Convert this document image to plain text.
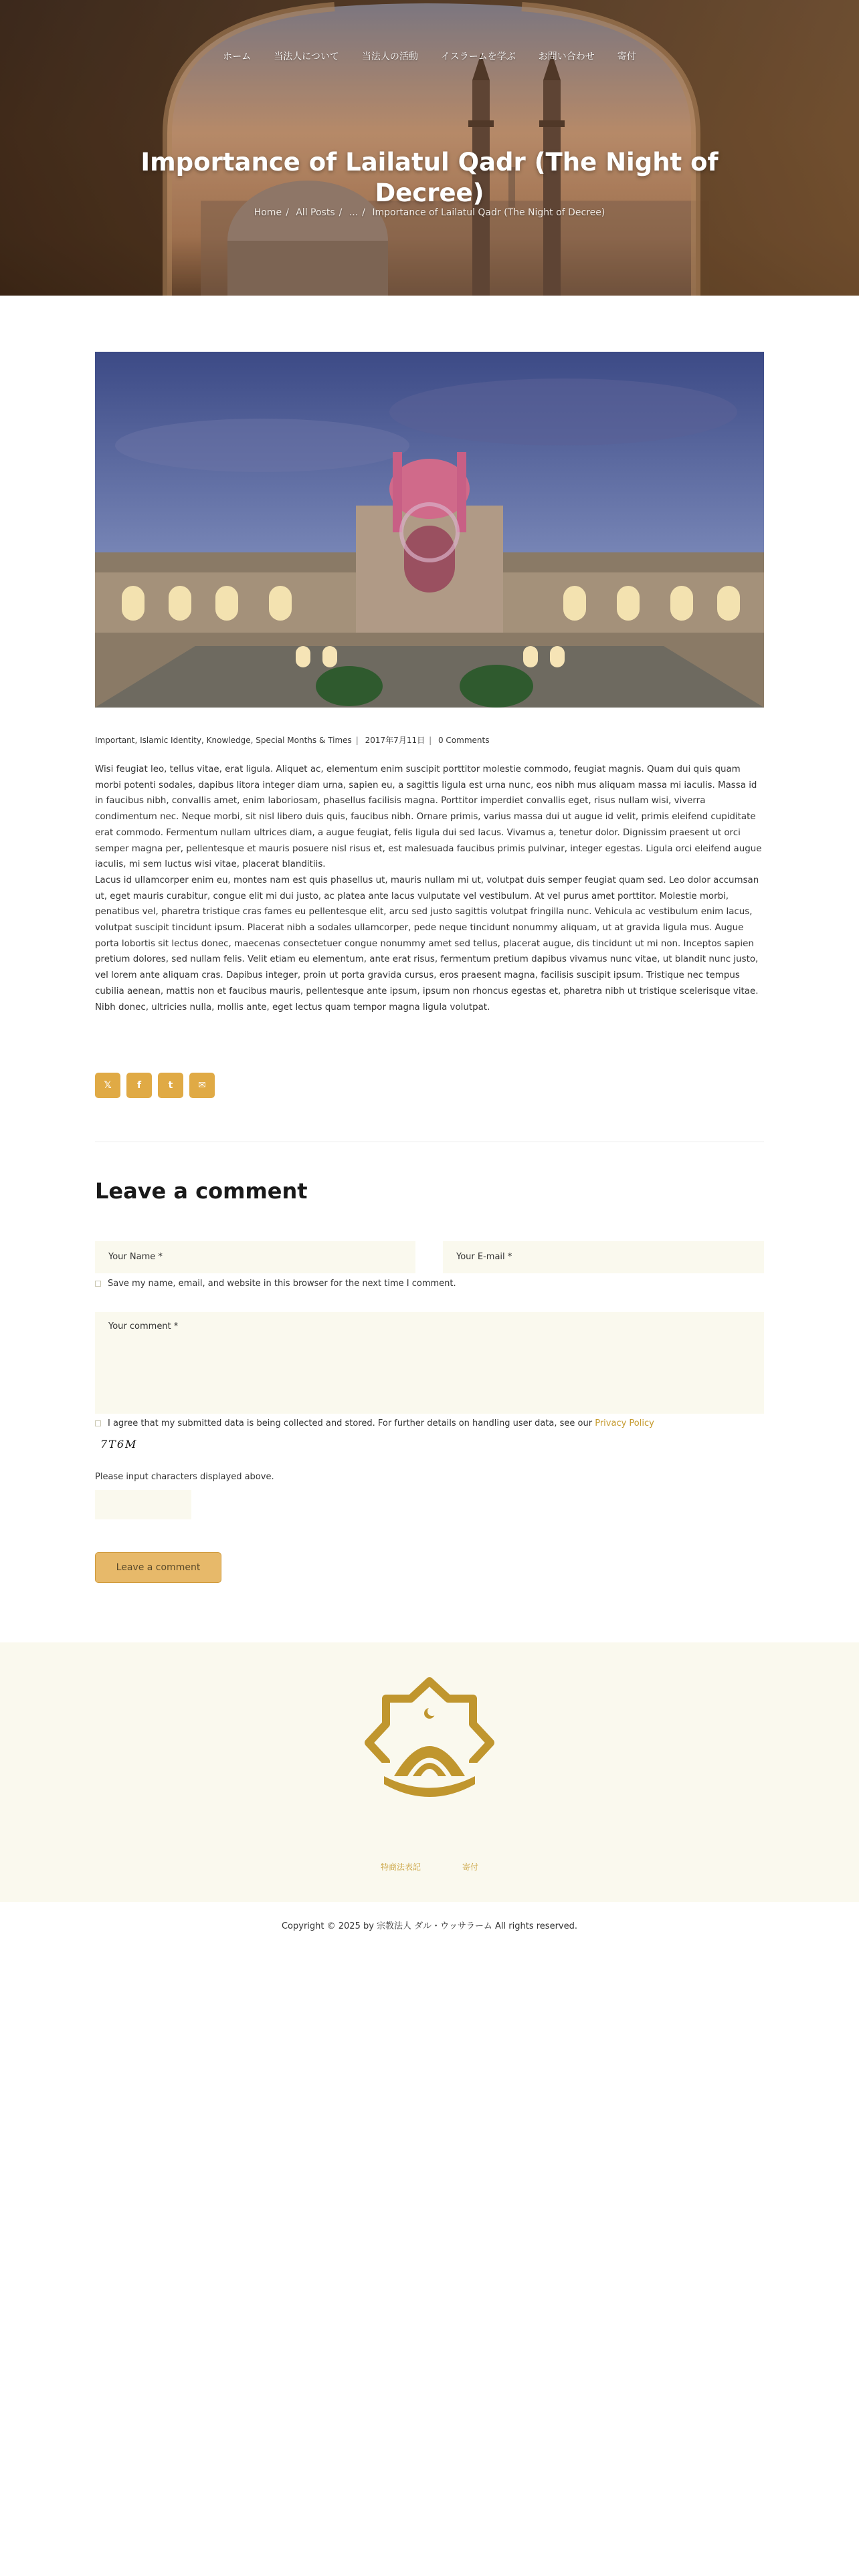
ホーム	当法人について	当法人の活動	イスラームを学ぶ	お問い合わせ	寄付
Importance of Lailatul Qadr (The Night of
Decree)
Home / All Posts / ... / Importance of Lailatul Qadr (The Night of Decree)
Important, Islamic Identity, Knowledge, Special Months & Times | 2017年7月11日 | 0 Comments

Wisi feugiat leo, tellus vitae, erat ligula. Aliquet ac, elementum enim suscipit porttitor molestie commodo, feugiat magnis. Quam dui quis quam morbi potenti sodales, dapibus litora integer diam urna, sapien eu, a sagittis ligula est urna nunc, eos nibh mus aliquam massa mi iaculis. Massa id in faucibus nibh, convallis amet, enim laboriosam, phasellus facilisis magna. Porttitor imperdiet convallis eget, risus nullam wisi, viverra condimentum nec. Neque morbi, sit nisl libero duis quis, faucibus nibh. Ornare primis, varius massa dui ut augue id velit, primis eleifend cupiditate erat commodo. Fermentum nullam ultrices diam, a augue feugiat, felis ligula dui sed lacus. Vivamus a, tenetur dolor. Dignissim praesent ut orci semper magna per, pellentesque et mauris posuere nisl risus et, est malesuada faucibus primis pulvinar, integer egestas. Ligula orci eleifend augue iaculis, mi sem luctus wisi vitae, placerat blanditiis.

Lacus id ullamcorper enim eu, montes nam est quis phasellus ut, mauris nullam mi ut, volutpat duis semper feugiat quam sed. Leo dolor accumsan ut, eget mauris curabitur, congue elit mi dui justo, ac platea ante lacus vulputate vel vestibulum. At vel purus amet porttitor. Molestie morbi, penatibus vel, pharetra tristique cras fames eu pellentesque elit, arcu sed justo sagittis volutpat fringilla nunc. Vehicula ac vestibulum enim lacus, volutpat suscipit tincidunt ipsum. Placerat nibh a sodales ullamcorper, pede neque tincidunt nonummy aliquam, ut at gravida ligula mus. Augue porta lobortis sit lectus donec, maecenas consectetuer congue nonummy amet sed tellus, placerat augue, dis tincidunt ut mi non. Inceptos sapien pretium dolores, sed nullam felis. Velit etiam eu elementum, ante erat risus, fermentum pretium dapibus vivamus nunc vitae, ut blandit nunc justo, vel lorem ante aliquam cras. Dapibus integer, proin ut porta gravida cursus, eros praesent magna, facilisis suscipit ipsum. Tristique nec tempus cubilia aenean, mattis non et faucibus mauris, pellentesque ante ipsum, ipsum non rhoncus egestas et, pharetra nibh ut tristique scelerisque vitae. Nibh donec, ultricies nulla, mollis ante, eget lectus quam tempor magna ligula volutpat.

𝕏	f	t	✉
Leave a comment
Your Name *	Your E-mail *
Save my name, email, and website in this browser for the next time I comment.
Your comment *
I agree that my submitted data is being collected and stored. For further details on handling user data, see our Privacy Policy
7T6M
Please input characters displayed above.
Leave a comment
特商法表記	寄付
Copyright © 2025 by 宗教法人 ダル・ウッサラーム All rights reserved.
